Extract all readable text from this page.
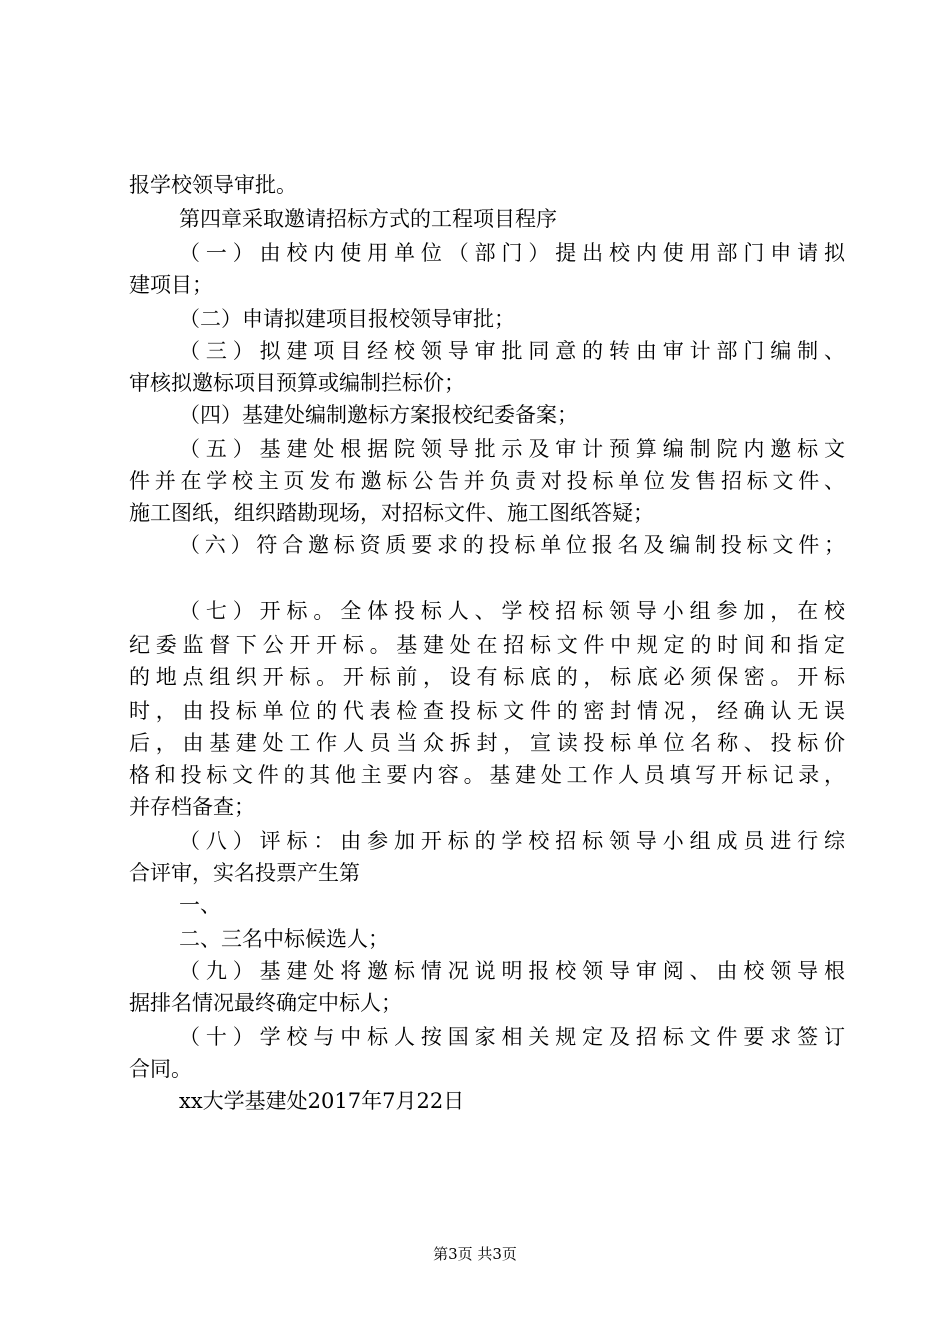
报学校领导审批。
第四章采取邀请招标方式的工程项目程序
（一）由校内使用单位（部门）提出校内使用部门申请拟
建项目；
（二）申请拟建项目报校领导审批；
（三）拟建项目经校领导审批同意的转由审计部门编制、
审核拟邀标项目预算或编制拦标价；
（四）基建处编制邀标方案报校纪委备案；
（五）基建处根据院领导批示及审计预算编制院内邀标文
件并在学校主页发布邀标公告并负责对投标单位发售招标文件、
施工图纸，组织踏勘现场，对招标文件、施工图纸答疑；
（六）符合邀标资质要求的投标单位报名及编制投标文件；
（七）开标。全体投标人、学校招标领导小组参加，在校
纪委监督下公开开标。基建处在招标文件中规定的时间和指定
的地点组织开标。开标前，设有标底的，标底必须保密。开标
时，由投标单位的代表检查投标文件的密封情况，经确认无误
后，由基建处工作人员当众拆封，宣读投标单位名称、投标价
格和投标文件的其他主要内容。基建处工作人员填写开标记录，
并存档备查；
（八）评标：由参加开标的学校招标领导小组成员进行综
合评审，实名投票产生第
一、
二、三名中标候选人；
（九）基建处将邀标情况说明报校领导审阅、由校领导根
据排名情况最终确定中标人；
（十）学校与中标人按国家相关规定及招标文件要求签订
合同。
xx大学基建处2017年7月22日
第3页 共3页
